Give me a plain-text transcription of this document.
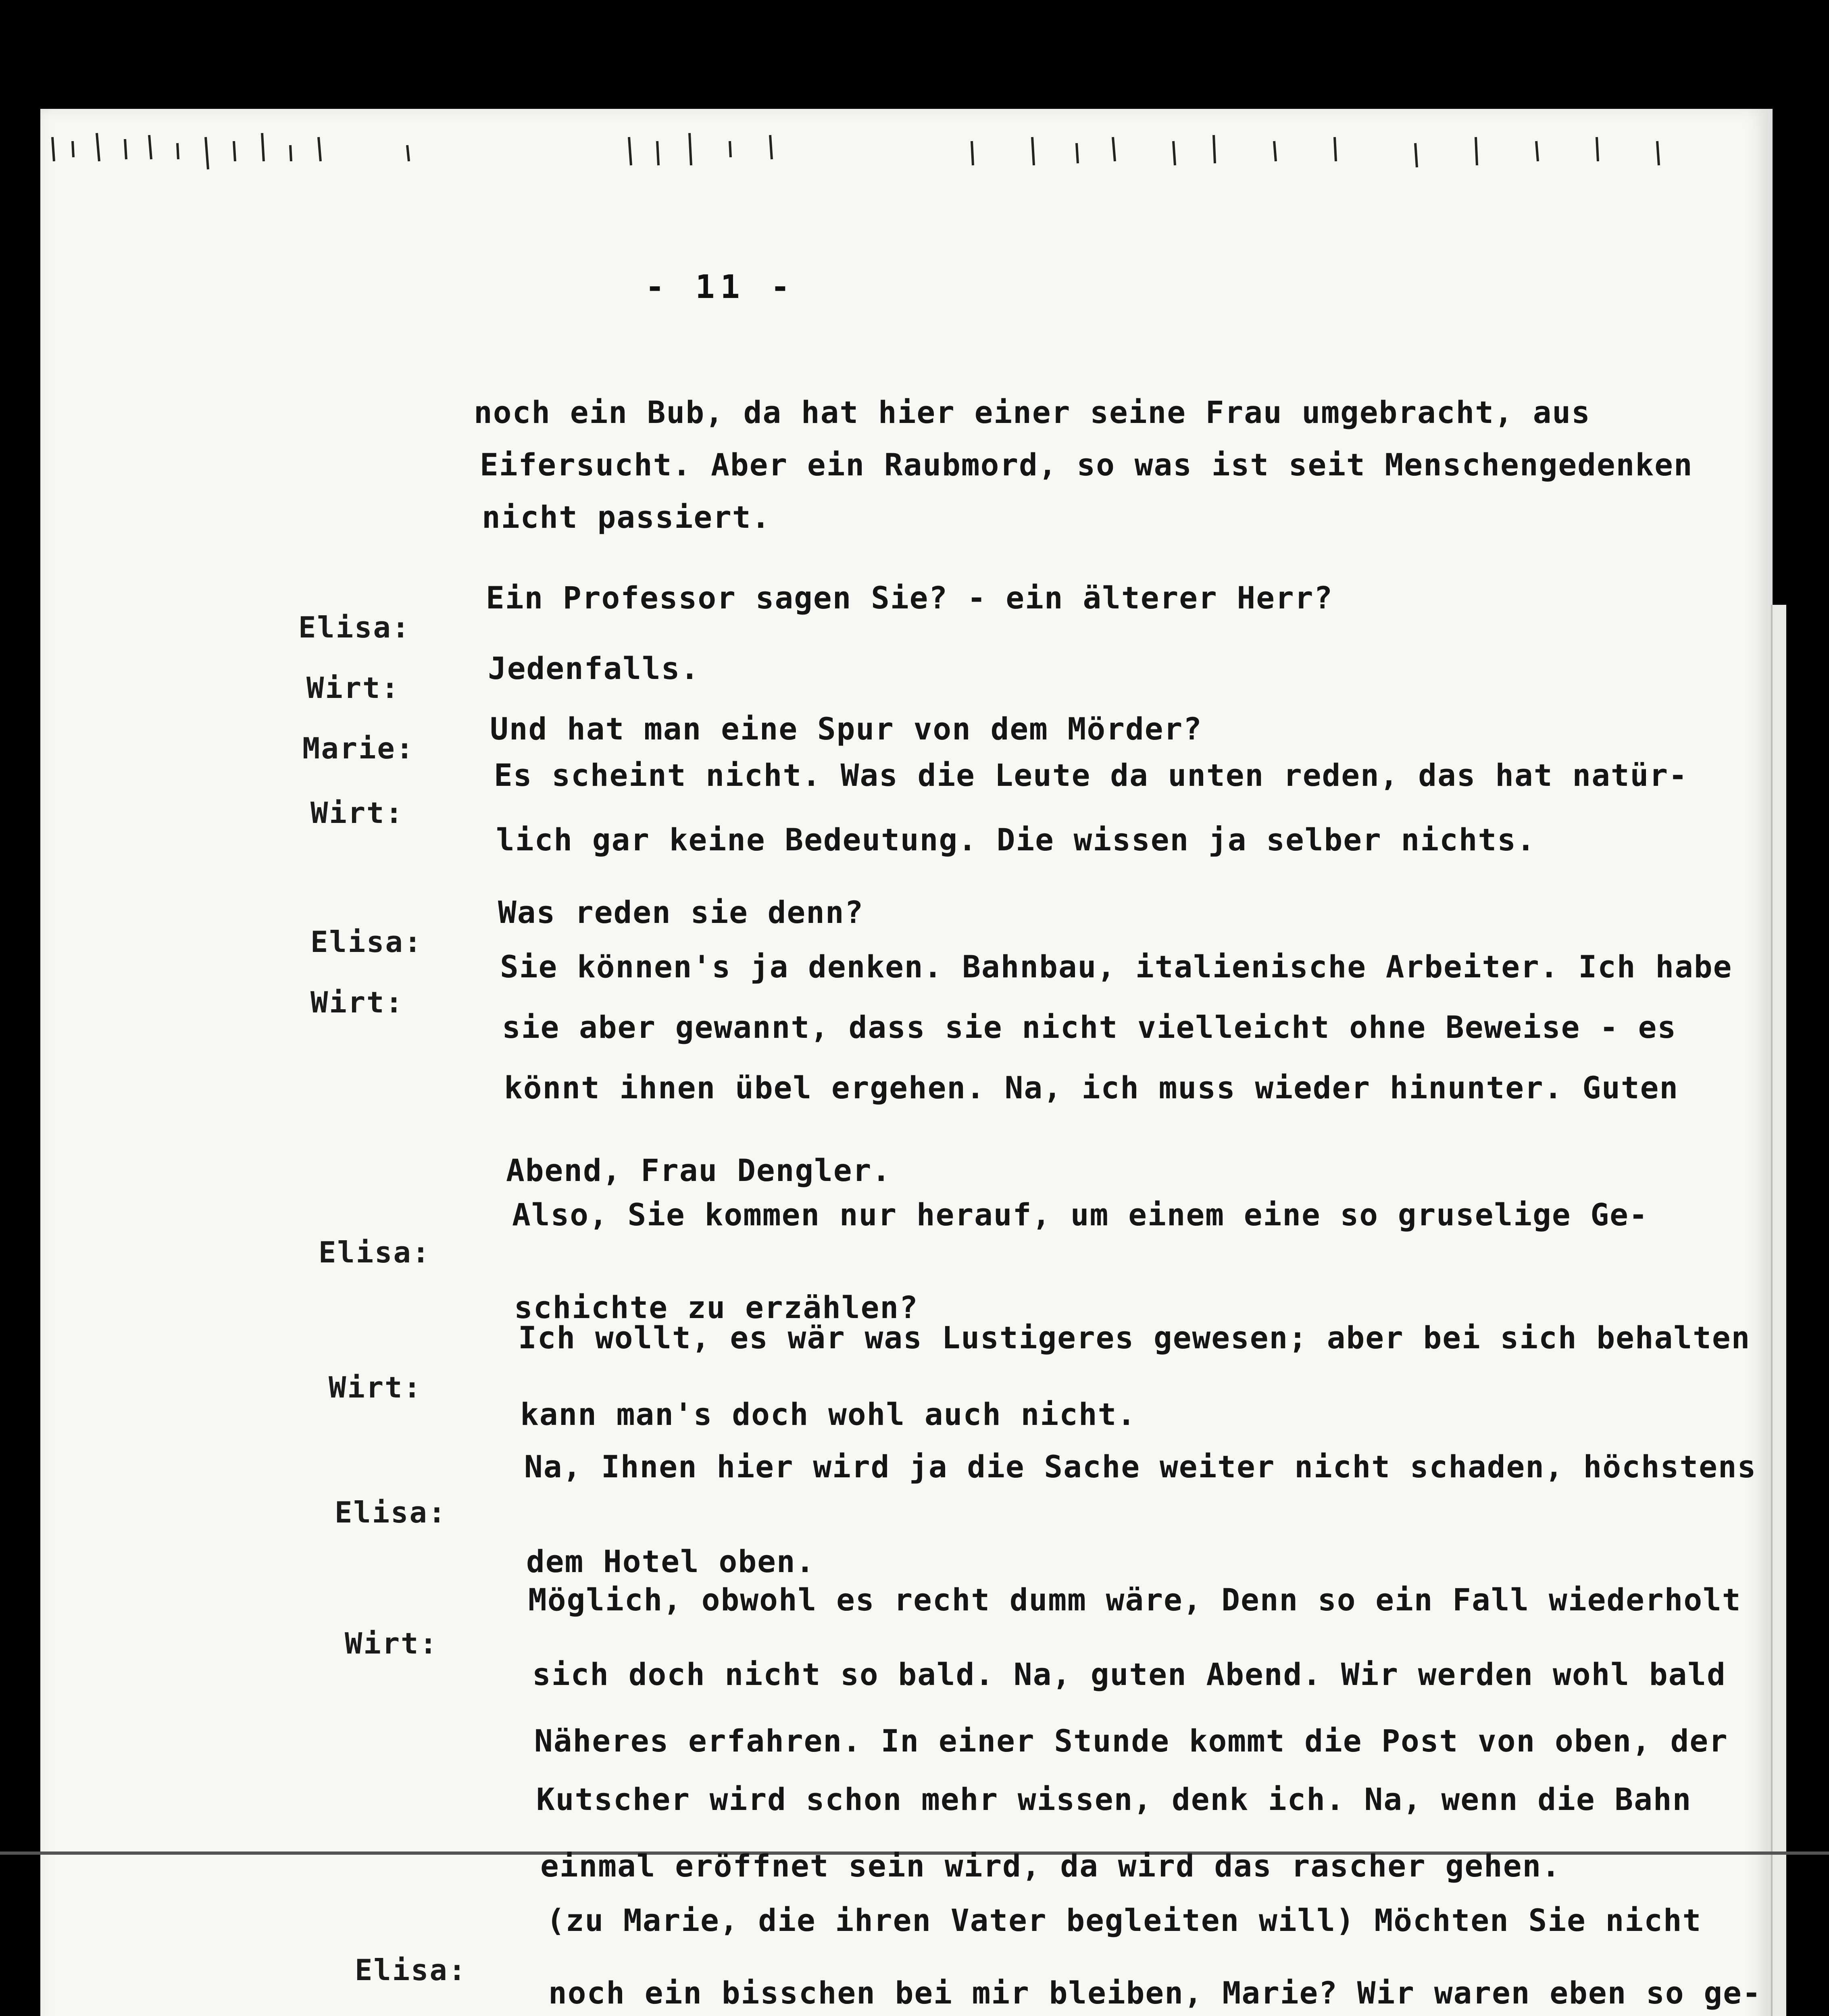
- 11 -
noch ein Bub, da hat hier einer seine Frau umgebracht, aus
Eifersucht. Aber ein Raubmord, so was ist seit Menschengedenken
nicht passiert.
Elisa:
Ein Professor sagen Sie? - ein älterer Herr?
Wirt:
Jedenfalls.
Marie:
Und hat man eine Spur von dem Mörder?
Wirt:
Es scheint nicht. Was die Leute da unten reden, das hat natür-
lich gar keine Bedeutung. Die wissen ja selber nichts.
Elisa:
Was reden sie denn?
Wirt:
Sie können's ja denken. Bahnbau, italienische Arbeiter. Ich habe
sie aber gewannt, dass sie nicht vielleicht ohne Beweise - es
könnt ihnen übel ergehen. Na, ich muss wieder hinunter. Guten
Abend, Frau Dengler.
Elisa:
Also, Sie kommen nur herauf, um einem eine so gruselige Ge-
schichte zu erzählen?
Wirt:
Ich wollt, es wär was Lustigeres gewesen; aber bei sich behalten
kann man's doch wohl auch nicht.
Elisa:
Na, Ihnen hier wird ja die Sache weiter nicht schaden, höchstens
dem Hotel oben.
Wirt:
Möglich, obwohl es recht dumm wäre, Denn so ein Fall wiederholt
sich doch nicht so bald. Na, guten Abend. Wir werden wohl bald
Näheres erfahren. In einer Stunde kommt die Post von oben, der
Kutscher wird schon mehr wissen, denk ich. Na, wenn die Bahn
einmal eröffnet sein wird, da wird das rascher gehen.
Elisa:
(zu Marie, die ihren Vater begleiten will) Möchten Sie nicht
noch ein bisschen bei mir bleiben, Marie? Wir waren eben so ge-
